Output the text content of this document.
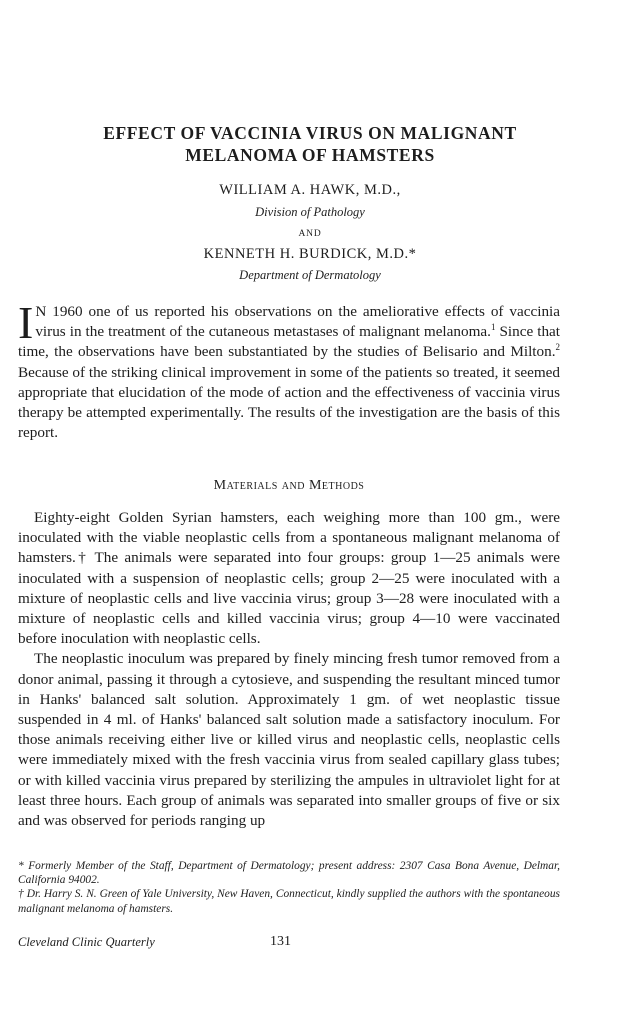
EFFECT OF VACCINIA VIRUS ON MALIGNANT
MELANOMA OF HAMSTERS
WILLIAM A. HAWK, M.D.,
Division of Pathology
AND
KENNETH H. BURDICK, M.D.*
Department of Dermatology

I N 1960 one of us reported his observations on the ameliorative effects of vaccinia virus in the treatment of the cutaneous metastases of malignant melanoma.$^1$ Since that time, the observations have been substantiated by the studies of Belisario and Milton.$^2$ Because of the striking clinical improvement in some of the patients so treated, it seemed appropriate that elucidation of the mode of action and the effectiveness of vaccinia virus therapy be attempted experimentally. The results of the investigation are the basis of this report.

Materials and Methods

Eighty-eight Golden Syrian hamsters, each weighing more than 100 gm., were inoculated with the viable neoplastic cells from a spontaneous malignant melanoma of hamsters.† The animals were separated into four groups: group 1—25 animals were inoculated with a suspension of neoplastic cells; group 2—25 were inoculated with a mixture of neoplastic cells and live vaccinia virus; group 3—28 were inoculated with a mixture of neoplastic cells and killed vaccinia virus; group 4—10 were vaccinated before inoculation with neoplastic cells.

The neoplastic inoculum was prepared by finely mincing fresh tumor removed from a donor animal, passing it through a cytosieve, and suspending the resultant minced tumor in Hanks' balanced salt solution. Approximately 1 gm. of wet neoplastic tissue suspended in 4 ml. of Hanks' balanced salt solution made a satisfactory inoculum. For those animals receiving either live or killed virus and neoplastic cells, neoplastic cells were immediately mixed with the fresh vaccinia virus from sealed capillary glass tubes; or with killed vaccinia virus prepared by sterilizing the ampules in ultraviolet light for at least three hours. Each group of animals was separated into smaller groups of five or six and was observed for periods ranging up

* Formerly Member of the Staff, Department of Dermatology; present address: 2307 Casa Bona Avenue, Delmar, California 94002.

† Dr. Harry S. N. Green of Yale University, New Haven, Connecticut, kindly supplied the authors with the spontaneous malignant melanoma of hamsters.

Cleveland Clinic Quarterly	131
